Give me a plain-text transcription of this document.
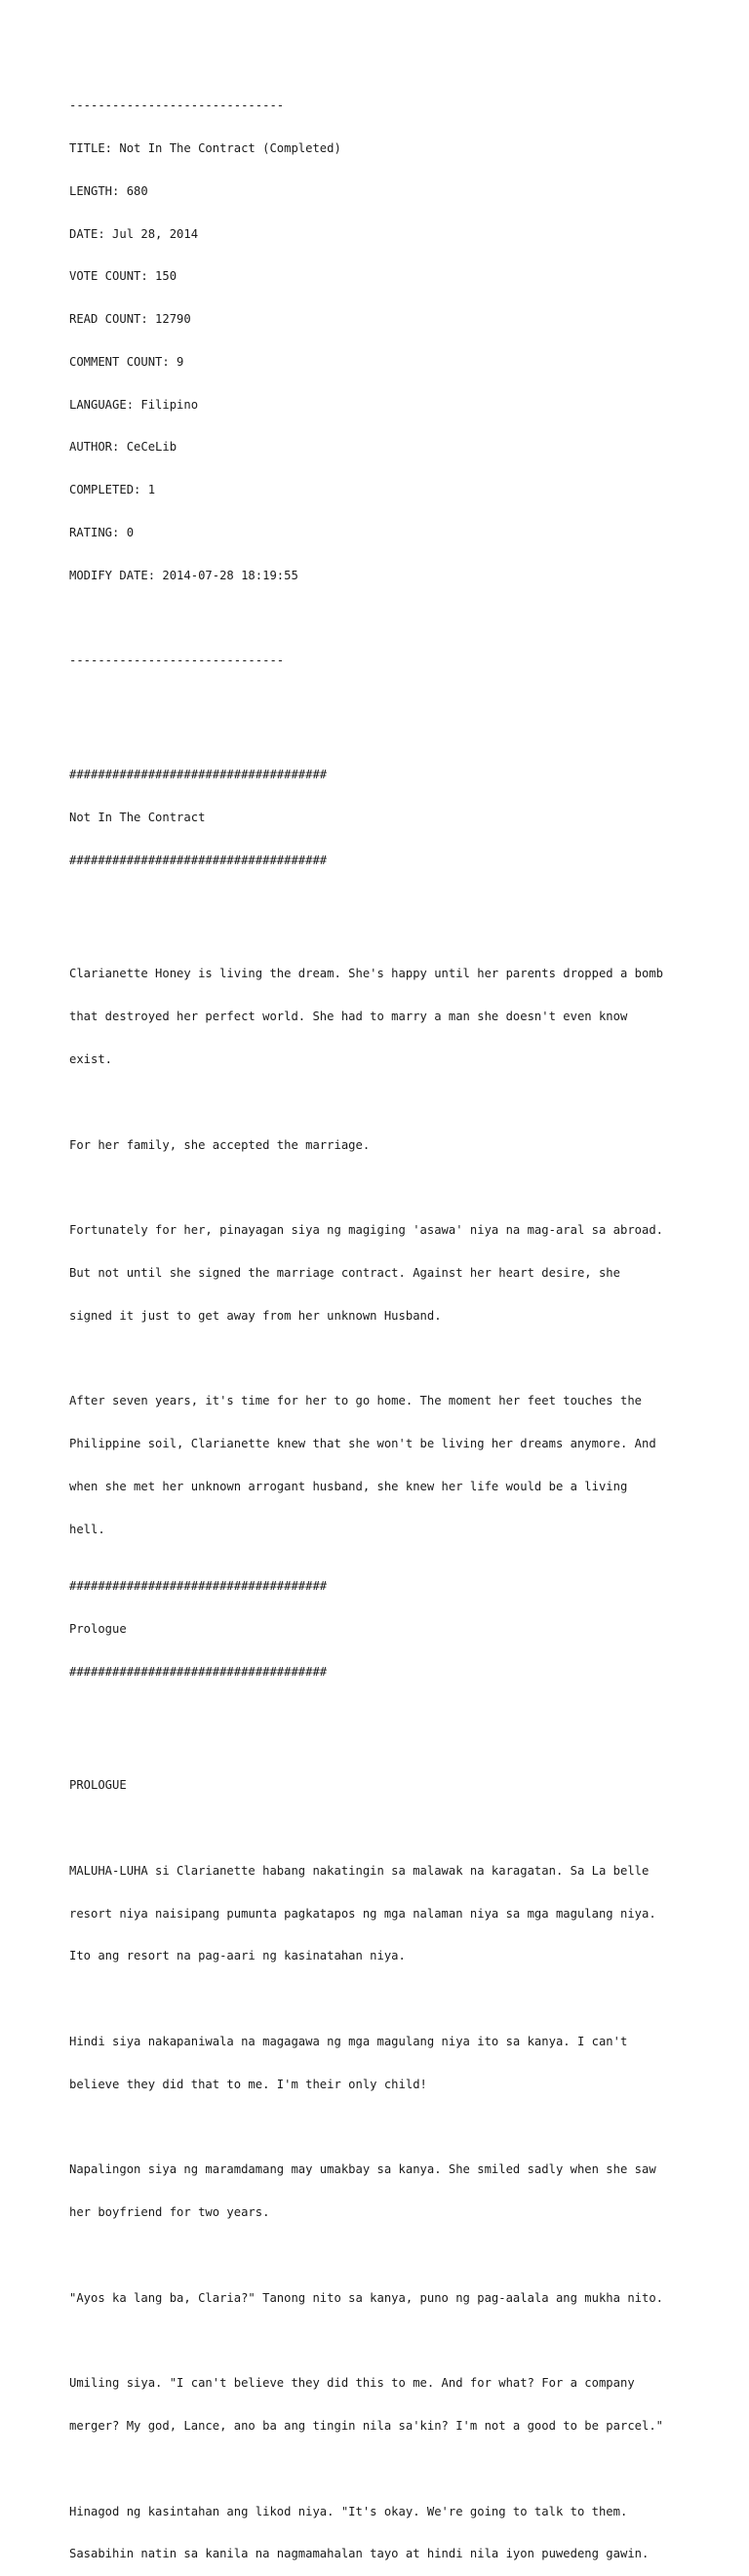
------------------------------

TITLE: Not In The Contract (Completed)

LENGTH: 680

DATE: Jul 28, 2014

VOTE COUNT: 150

READ COUNT: 12790

COMMENT COUNT: 9

LANGUAGE: Filipino

AUTHOR: CeCeLib

COMPLETED: 1

RATING: 0

MODIFY DATE: 2014-07-28 18:19:55

------------------------------

####################################

Not In The Contract

####################################

Clarianette Honey is living the dream. She's happy until her parents dropped a bomb

that destroyed her perfect world. She had to marry a man she doesn't even know

exist.

For her family, she accepted the marriage.

Fortunately for her, pinayagan siya ng magiging 'asawa' niya na mag-aral sa abroad.

But not until she signed the marriage contract. Against her heart desire, she

signed it just to get away from her unknown Husband.

After seven years, it's time for her to go home. The moment her feet touches the

Philippine soil, Clarianette knew that she won't be living her dreams anymore. And

when she met her unknown arrogant husband, she knew her life would be a living

hell.

####################################

Prologue

####################################

PROLOGUE

MALUHA-LUHA si Clarianette habang nakatingin sa malawak na karagatan. Sa La belle

resort niya naisipang pumunta pagkatapos ng mga nalaman niya sa mga magulang niya.

Ito ang resort na pag-aari ng kasinatahan niya.

Hindi siya nakapaniwala na magagawa ng mga magulang niya ito sa kanya. I can't

believe they did that to me. I'm their only child!

Napalingon siya ng maramdamang may umakbay sa kanya. She smiled sadly when she saw

her boyfriend for two years.

"Ayos ka lang ba, Claria?" Tanong nito sa kanya, puno ng pag-aalala ang mukha nito.

Umiling siya. "I can't believe they did this to me. And for what? For a company

merger? My god, Lance, ano ba ang tingin nila sa'kin? I'm not a good to be parcel."

Hinagod ng kasintahan ang likod niya. "It's okay. We're going to talk to them.

Sasabihin natin sa kanila na nagmamahalan tayo at hindi nila iyon puwedeng gawin.
